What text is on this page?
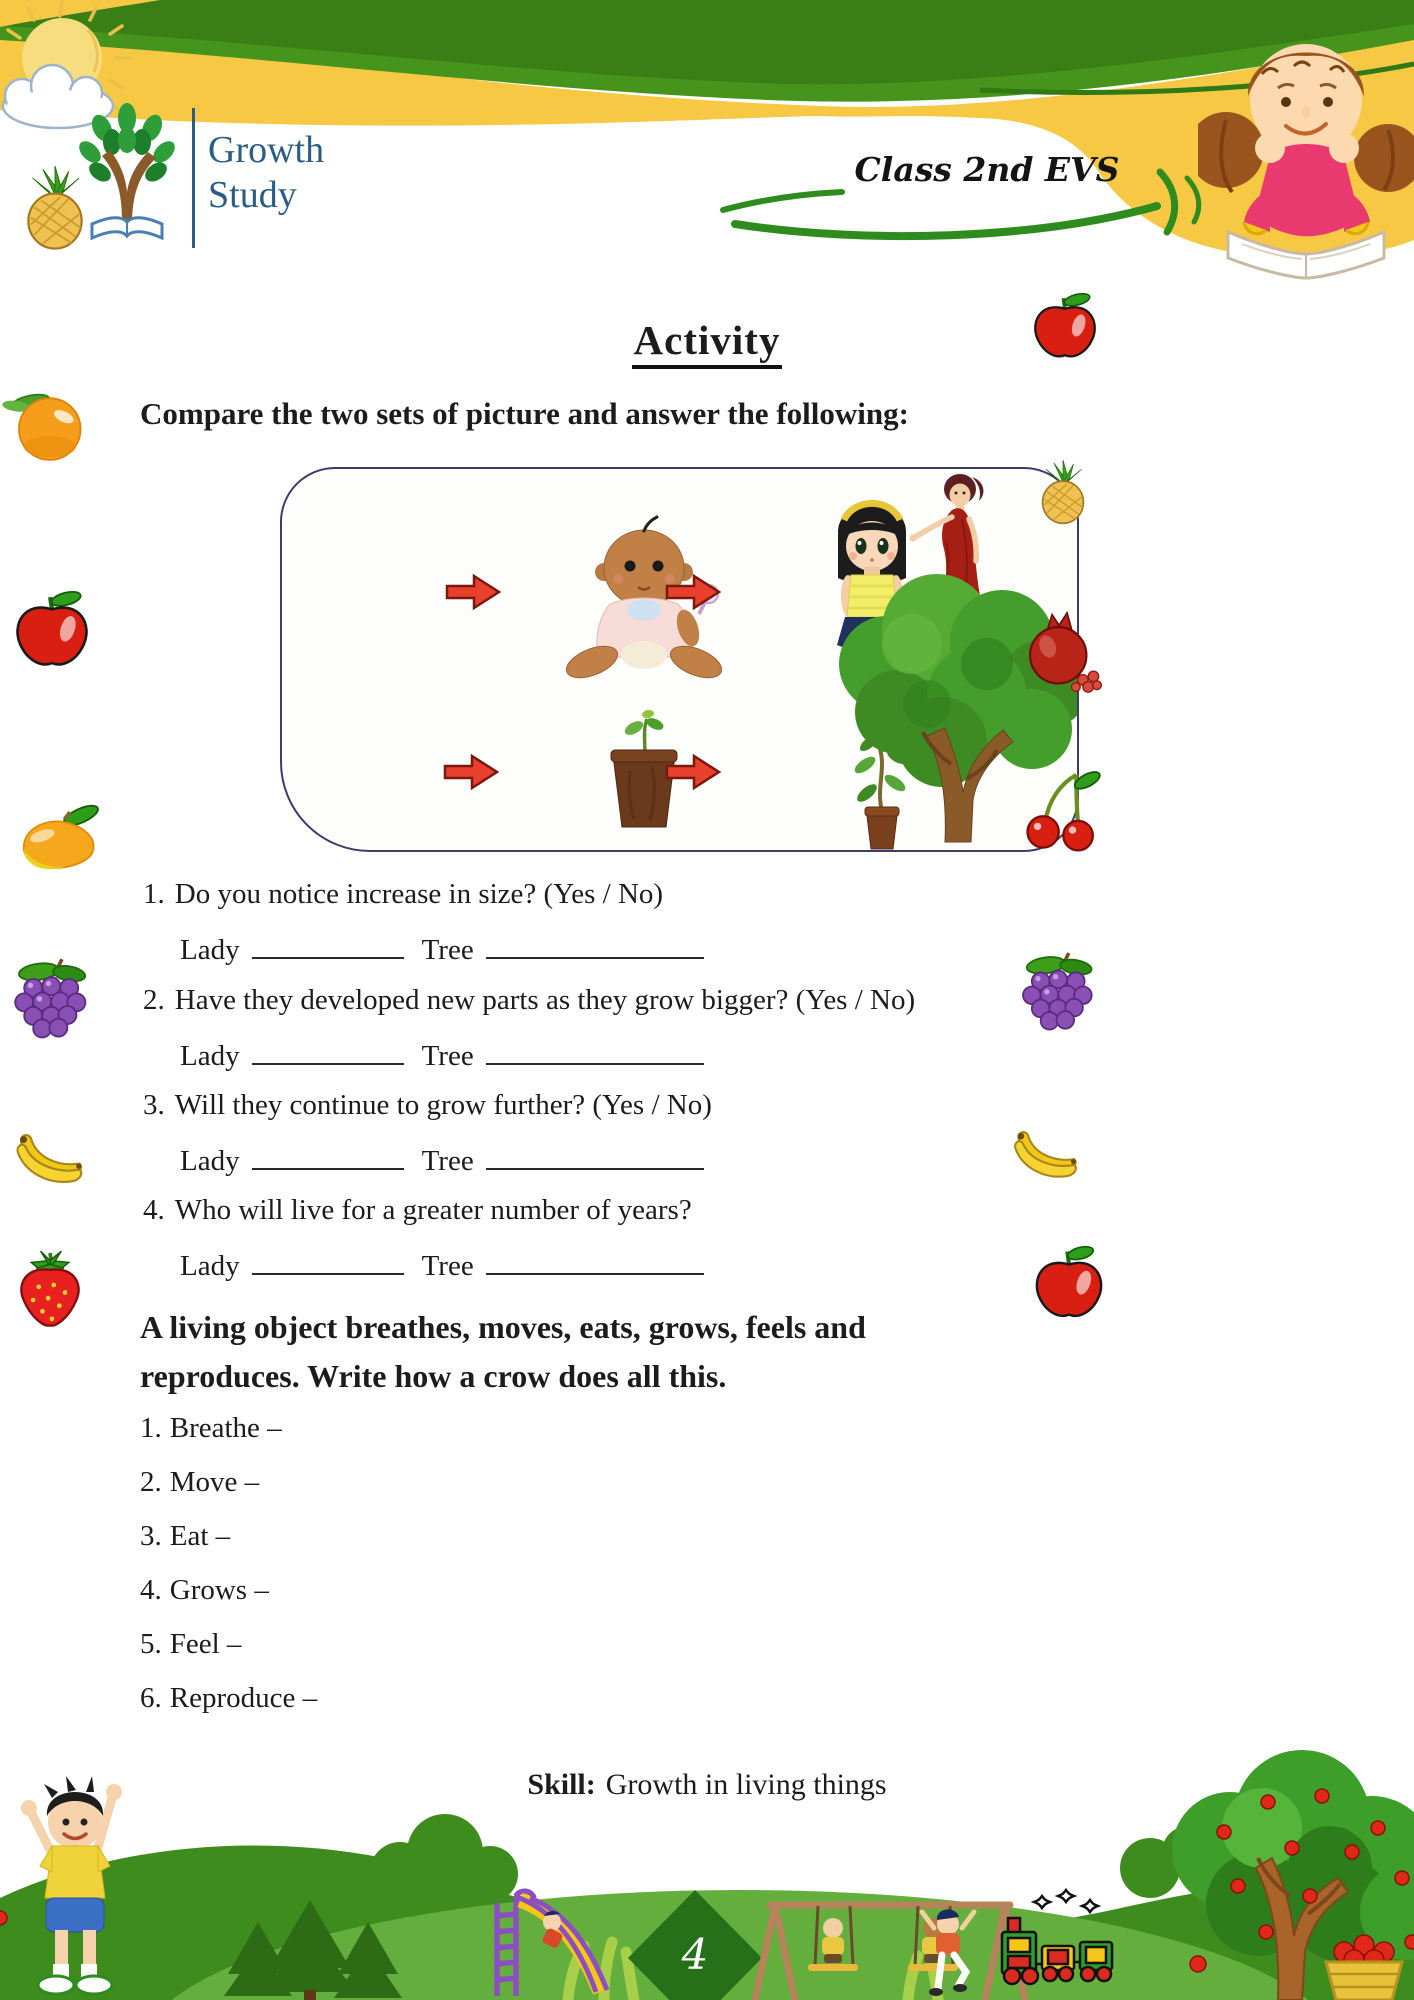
Growth
Study
Class 2nd EVS
Activity
Compare the two sets of picture and answer the following:
1. Do you notice increase in size? (Yes / No)
Lady	Tree
2. Have they developed new parts as they grow bigger? (Yes / No)
Lady	Tree
3. Will they continue to grow further? (Yes / No)
Lady	Tree
4. Who will live for a greater number of years?
Lady	Tree
A living object breathes, moves, eats, grows, feels and
reproduces. Write how a crow does all this.
1. Breathe –
2. Move –
3. Eat –
4. Grows –
5. Feel –
6. Reproduce –
Skill: Growth in living things
4
